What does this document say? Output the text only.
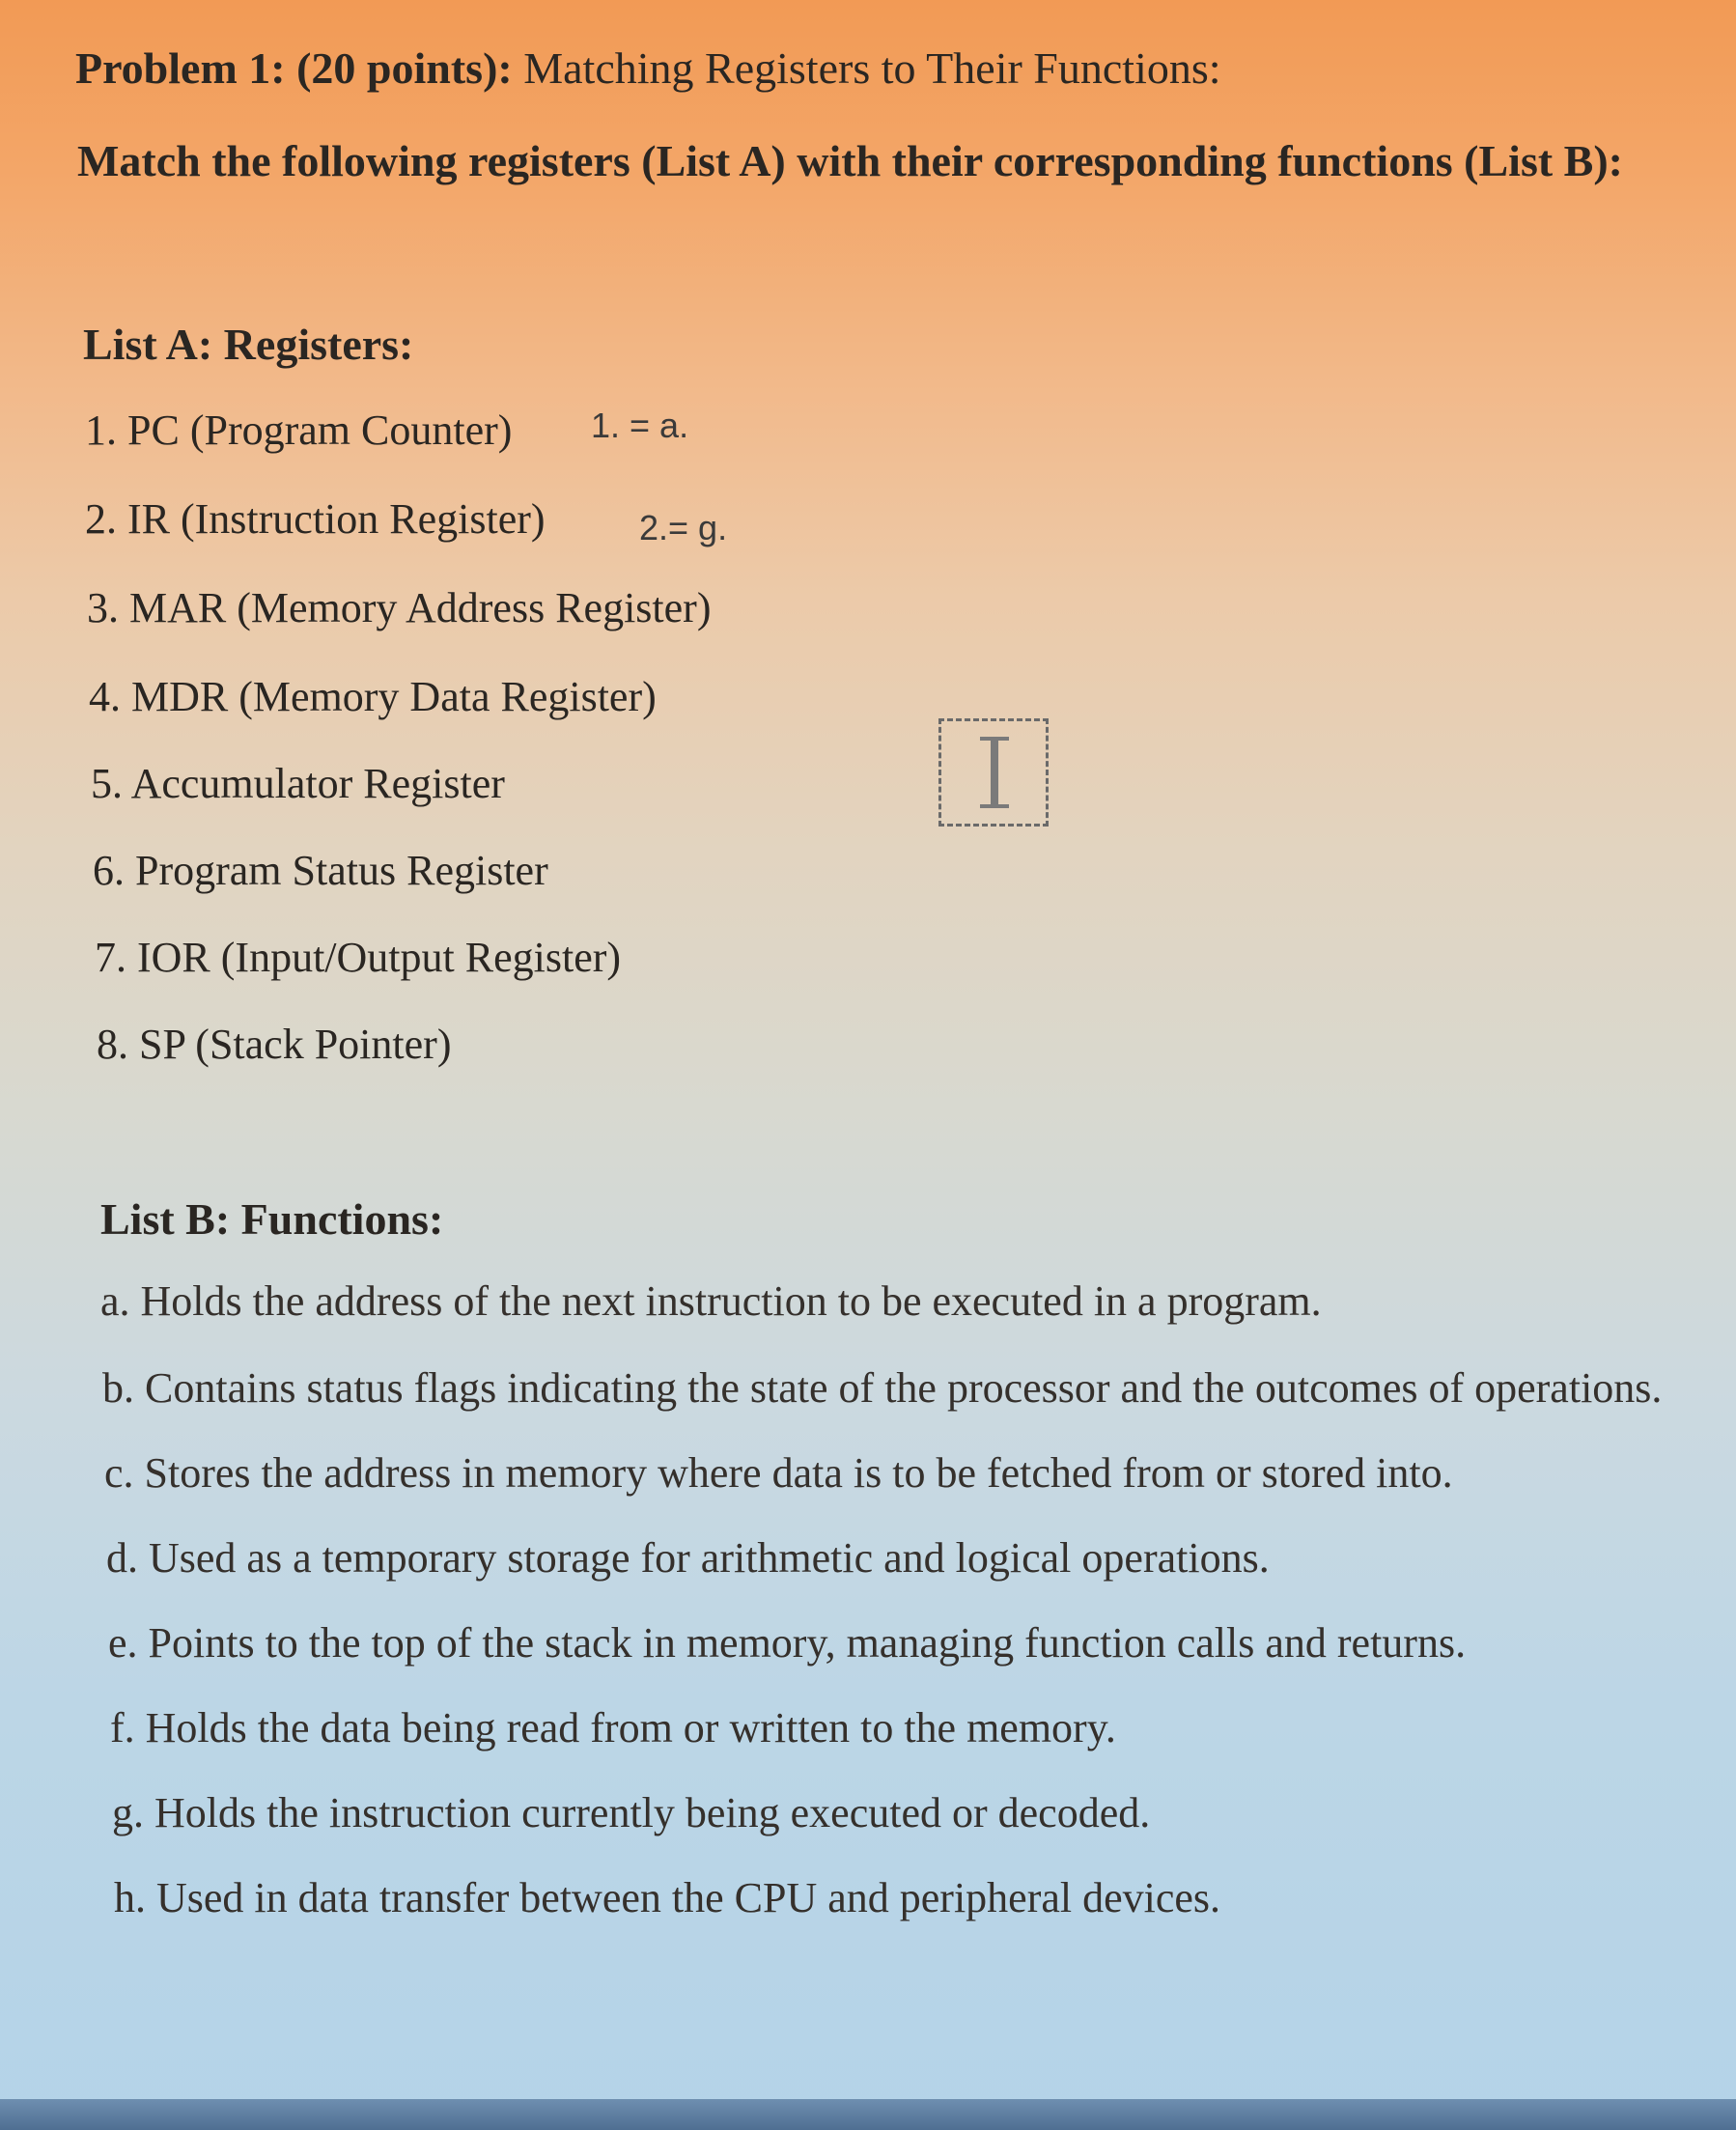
Problem 1: (20 points): Matching Registers to Their Functions:
Match the following registers (List A) with their corresponding functions (List B):
List A: Registers:
1. PC (Program Counter) 1. = a.
2. IR (Instruction Register)	2.= g.
3. MAR (Memory Address Register)
4. MDR (Memory Data Register)
5. Accumulator Register
6. Program Status Register
7. IOR (Input/Output Register)
8. SP (Stack Pointer)
List B: Functions:
a. Holds the address of the next instruction to be executed in a program.
b. Contains status flags indicating the state of the processor and the outcomes of operations.
c. Stores the address in memory where data is to be fetched from or stored into.
d. Used as a temporary storage for arithmetic and logical operations.
e. Points to the top of the stack in memory, managing function calls and returns.
f. Holds the data being read from or written to the memory.
g. Holds the instruction currently being executed or decoded.
h. Used in data transfer between the CPU and peripheral devices.
